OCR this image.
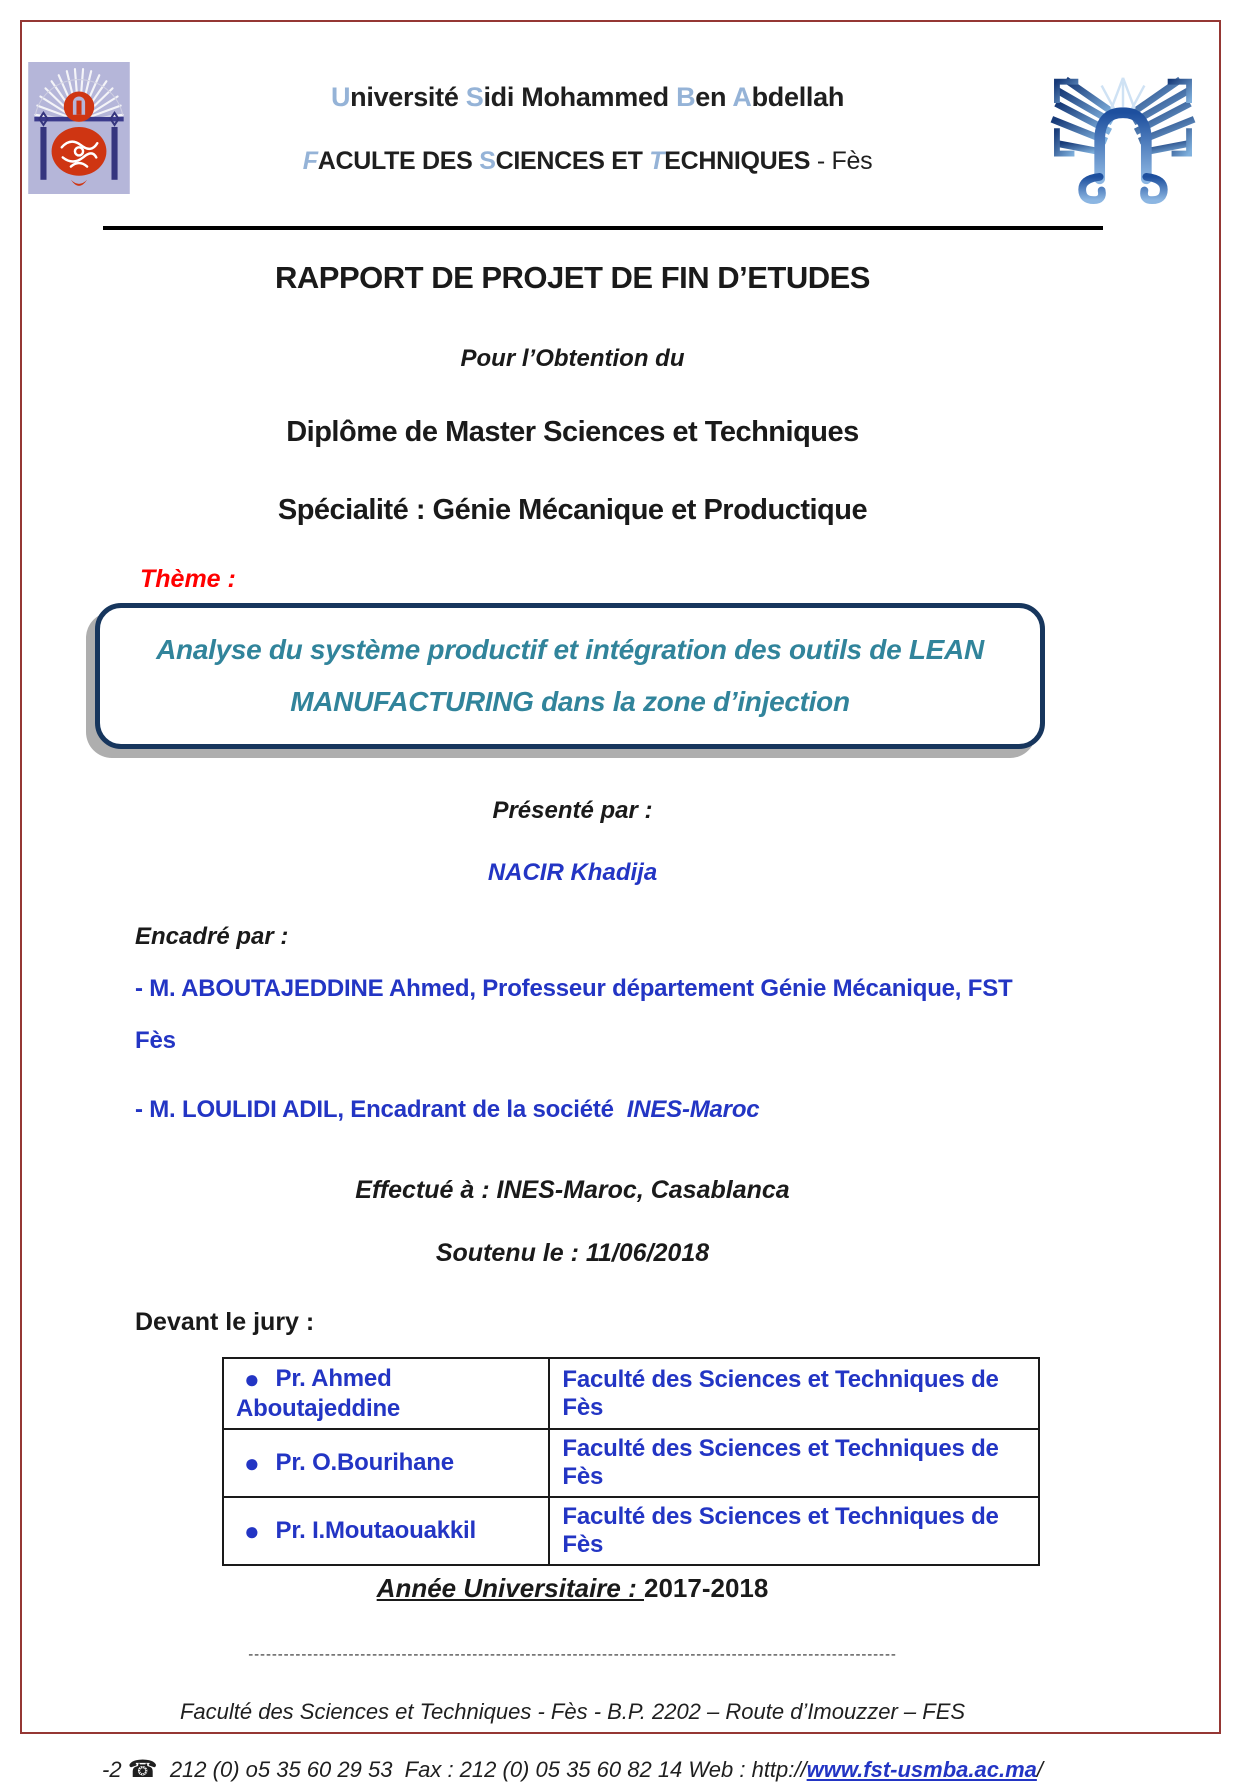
Université Sidi Mohammed Ben Abdellah
FACULTE DES SCIENCES ET TECHNIQUES - Fès
RAPPORT DE PROJET DE FIN D’ETUDES
Pour l’Obtention du
Diplôme de Master Sciences et Techniques
Spécialité : Génie Mécanique et Productique
Thème :
Analyse du système productif et intégration des outils de LEAN
MANUFACTURING dans la zone d’injection
Présenté par :
NACIR Khadija
Encadré par :
- M. ABOUTAJEDDINE Ahmed, Professeur département Génie Mécanique, FST
Fès
- M. LOULIDI ADIL, Encadrant de la société  INES-Maroc
Effectué à : INES-Maroc, Casablanca
Soutenu le : 11/06/2018
Devant le jury :
● Pr. Ahmed Aboutajeddine	Faculté des Sciences et Techniques de Fès
● Pr. O.Bourihane	Faculté des Sciences et Techniques de Fès
● Pr. I.Moutaouakkil	Faculté des Sciences et Techniques de Fès
Année Universitaire : 2017-2018
--------------------------------------------------------------------------------------------------------------
Faculté des Sciences et Techniques - Fès - B.P. 2202 – Route d’Imouzzer – FES
-2 ☎  212 (0) o5 35 60 29 53  Fax : 212 (0) 05 35 60 82 14 Web : http://www.fst-usmba.ac.ma/
